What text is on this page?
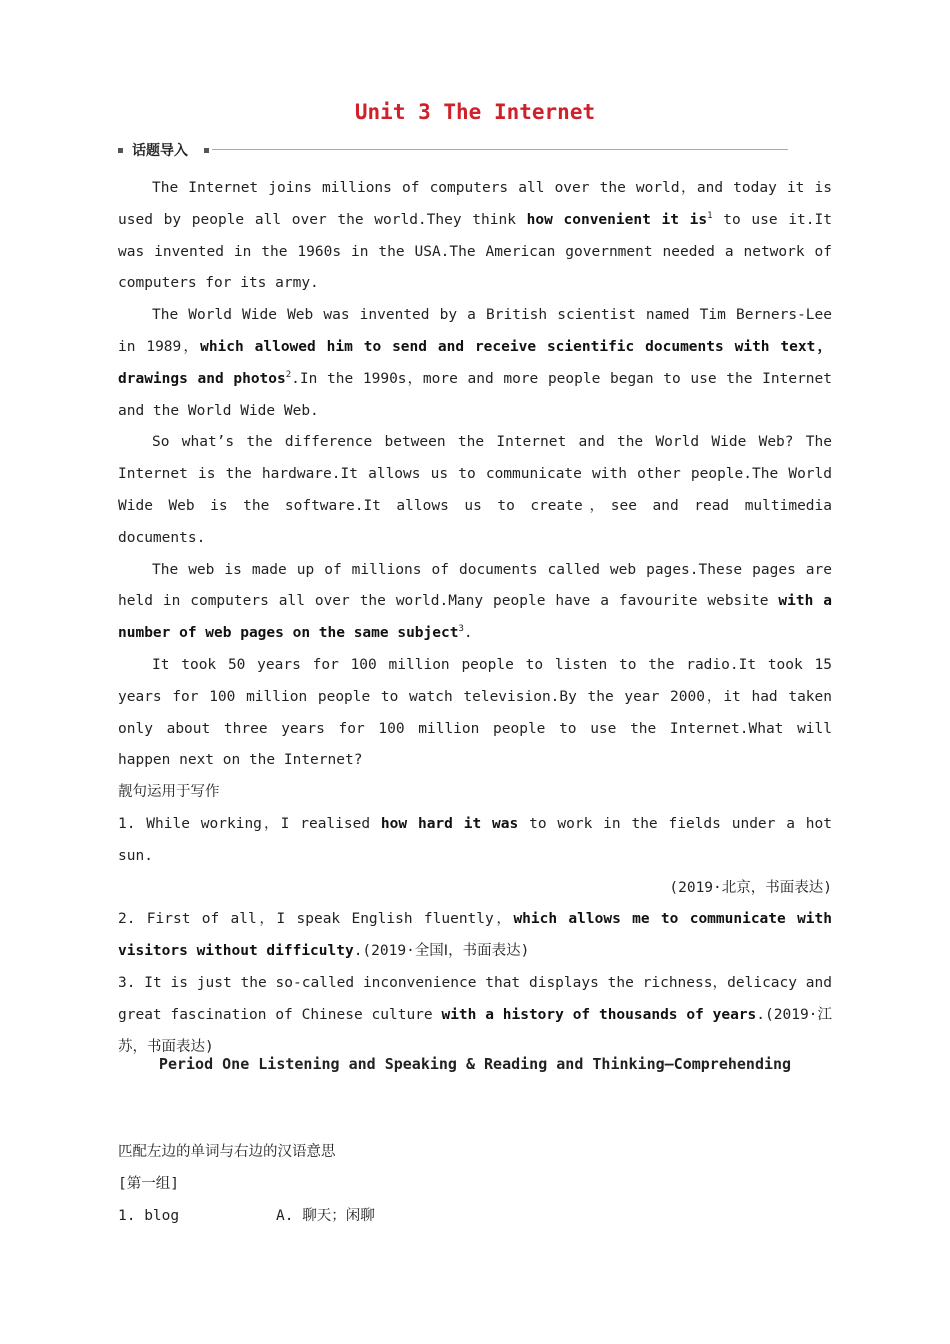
Unit 3 The Internet
话题导入

The Internet joins millions of computers all over the world，and today it is used by people all over the world.They think how convenient it $is^1$ to use it.It was invented in the 1960s in the USA.The American government needed a network of computers for its army.

The World Wide Web was invented by a British scientist named Tim Berners-Lee in 1989，which allowed him to send and receive scientific documents with text，drawings and photos$^2$.In the 1990s，more and more people began to use the Internet and the World Wide Web.

So what’s the difference between the Internet and the World Wide Web? The Internet is the hardware.It allows us to communicate with other people.The World Wide Web is the software.It allows us to create，see and read multimedia documents.

The web is made up of millions of documents called web pages.These pages are held in computers all over the world.Many people have a favourite website with a number of web pages on the same subject$^3$.

It took 50 years for 100 million people to listen to the radio.It took 15 years for 100 million people to watch television.By the year 2000，it had taken only about three years for 100 million people to use the Internet.What will happen next on the Internet?

靓句运用于写作

1. While working，I realised how hard it was to work in the fields under a hot sun.

(2019·北京，书面表达)

2. First of all，I speak English fluently，which allows me to communicate with visitors without difficulty.(2019·全国Ⅰ，书面表达)

3. It is just the so-called inconvenience that displays the richness，delicacy and great fascination of Chinese culture with a history of thousands of years.(2019·江苏，书面表达)

Period One Listening and Speaking & Reading and Thinking—Comprehending

匹配左边的单词与右边的汉语意思

[第一组]

1. blog	A. 聊天；闲聊
